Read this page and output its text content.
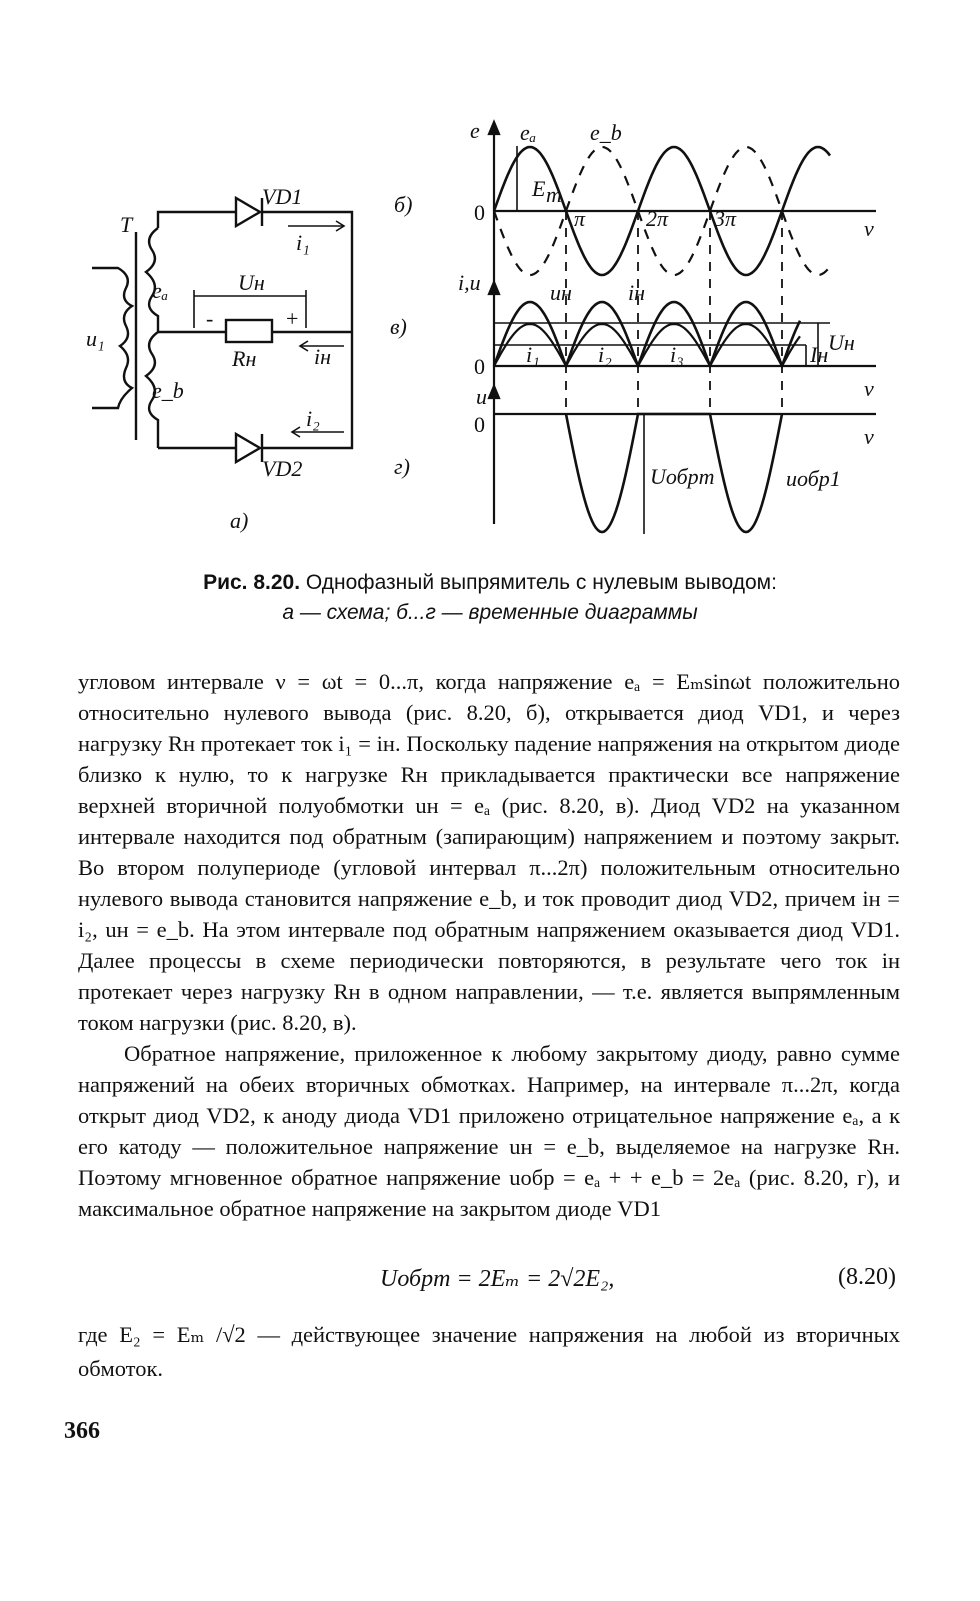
T
VD1
VD2
u₁
eₐ
e_b
Uн
Rн	iн
i₁
i₂
-	+
а)
б)
в)
г)
e eₐ e_b
0
E m
π	2π 3π	ν
i,u	uн	iн
i₁	i₂	i₃	Iн Uн
0
ν
u
0	ν
Uобрm	uобр1
Рис. 8.20. Однофазный выпрямитель с нулевым выводом:
а — схема; б...г — временные диаграммы

угловом интервале ν = ωt = 0...π, когда напряжение eₐ = Eₘsinωt положительно относительно нулевого вывода (рис. 8.20, б), открывается диод VD1, и через нагрузку Rн протекает ток i₁ = iн. Поскольку падение напряжения на открытом диоде близко к нулю, то к нагрузке Rн прикладывается практически все напряжение верхней вторичной полуобмотки uн = eₐ (рис. 8.20, в). Диод VD2 на указанном интервале находится под обратным (запирающим) напряжением и поэтому закрыт. Во втором полупериоде (угловой интервал π...2π) положительным относительно нулевого вывода становится напряжение e_b, и ток проводит диод VD2, причем iн = i₂, uн = e_b. На этом интервале под обратным напряжением оказывается диод VD1. Далее процессы в схеме периодически повторяются, в результате чего ток iн протекает через нагрузку Rн в одном направлении, — т.е. является выпрямленным током нагрузки (рис. 8.20, в).

Обратное напряжение, приложенное к любому закрытому диоду, равно сумме напряжений на обеих вторичных обмотках. Например, на интервале π...2π, когда открыт диод VD2, к аноду диода VD1 приложено отрицательное напряжение eₐ, а к его катоду — положительное напряжение uн = e_b, выделяемое на нагрузке Rн. Поэтому мгновенное обратное напряжение uобр = eₐ + + e_b = 2eₐ (рис. 8.20, г), и максимальное обратное напряжение на закрытом диоде VD1

Uобрm = 2Eₘ = 2√2E₂,	(8.20)
где E₂ = Eₘ /√2 — действующее значение напряжения на любой из вторичных обмоток.
366
